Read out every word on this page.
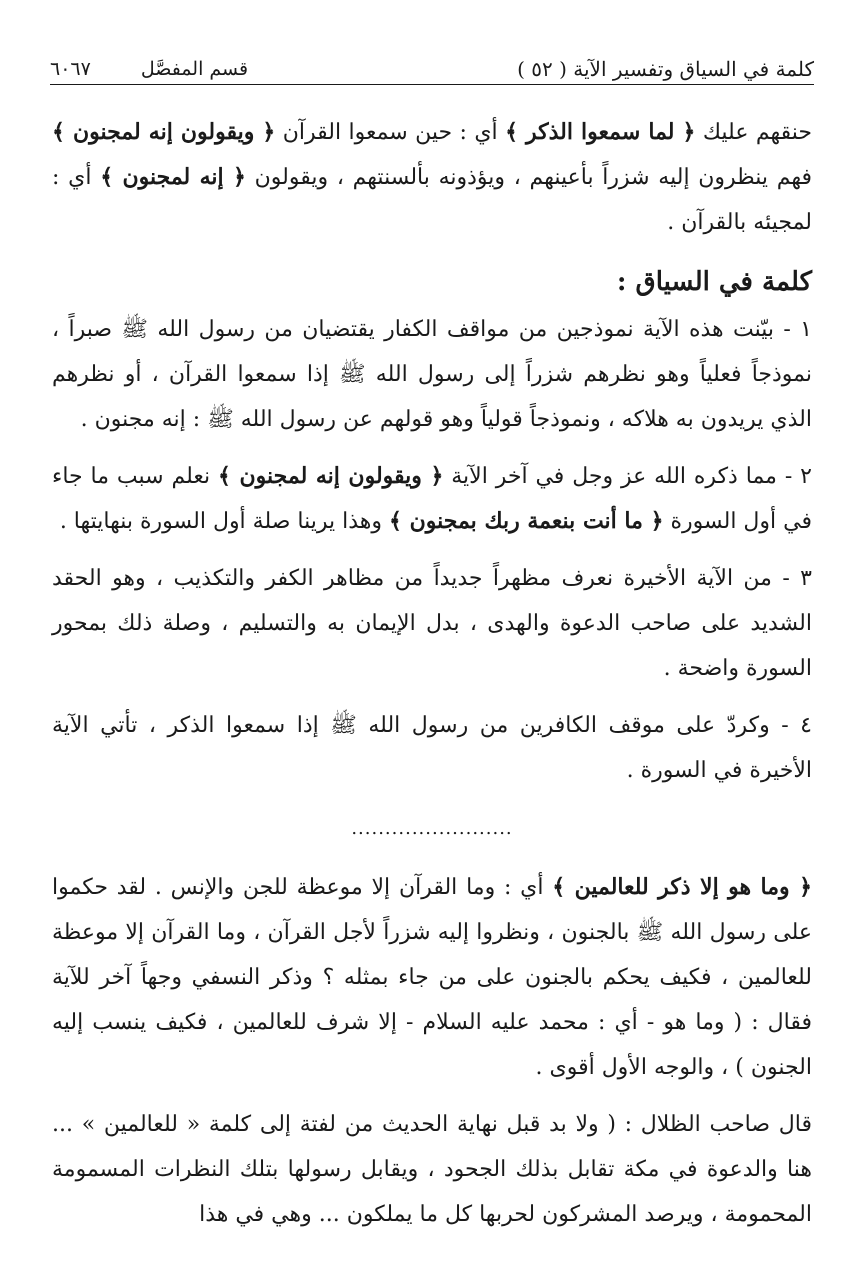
كلمة في السياق وتفسير الآية ( ٥٢ )
قسم المفصَّل
٦٠٦٧

حنقهم عليك ﴿ لما سمعوا الذكر ﴾ أي : حين سمعوا القرآن ﴿ ويقولون إنه لمجنون ﴾ فهم ينظرون إليه شزراً بأعينهم ، ويؤذونه بألسنتهم ، ويقولون ﴿ إنه لمجنون ﴾ أي : لمجيئه بالقرآن .

كلمة في السياق :

١ - بيّنت هذه الآية نموذجين من مواقف الكفار يقتضيان من رسول الله ﷺ صبراً ، نموذجاً فعلياً وهو نظرهم شزراً إلى رسول الله ﷺ إذا سمعوا القرآن ، أو نظرهم الذي يريدون به هلاكه ، ونموذجاً قولياً وهو قولهم عن رسول الله ﷺ : إنه مجنون .

٢ - مما ذكره الله عز وجل في آخر الآية ﴿ ويقولون إنه لمجنون ﴾ نعلم سبب ما جاء في أول السورة ﴿ ما أنت بنعمة ربك بمجنون ﴾ وهذا يرينا صلة أول السورة بنهايتها .

٣ - من الآية الأخيرة نعرف مظهراً جديداً من مظاهر الكفر والتكذيب ، وهو الحقد الشديد على صاحب الدعوة والهدى ، بدل الإيمان به والتسليم ، وصلة ذلك بمحور السورة واضحة .

٤ - وكردّ على موقف الكافرين من رسول الله ﷺ إذا سمعوا الذكر ، تأتي الآية الأخيرة في السورة .

........................

﴿ وما هو إلا ذكر للعالمين ﴾ أي : وما القرآن إلا موعظة للجن والإنس . لقد حكموا على رسول الله ﷺ بالجنون ، ونظروا إليه شزراً لأجل القرآن ، وما القرآن إلا موعظة للعالمين ، فكيف يحكم بالجنون على من جاء بمثله ؟ وذكر النسفي وجهاً آخر للآية فقال : ( وما هو - أي : محمد عليه السلام - إلا شرف للعالمين ، فكيف ينسب إليه الجنون ) ، والوجه الأول أقوى .

قال صاحب الظلال : ( ولا بد قبل نهاية الحديث من لفتة إلى كلمة « للعالمين » ... هنا والدعوة في مكة تقابل بذلك الجحود ، ويقابل رسولها بتلك النظرات المسمومة المحمومة ، ويرصد المشركون لحربها كل ما يملكون ... وهي في هذا
